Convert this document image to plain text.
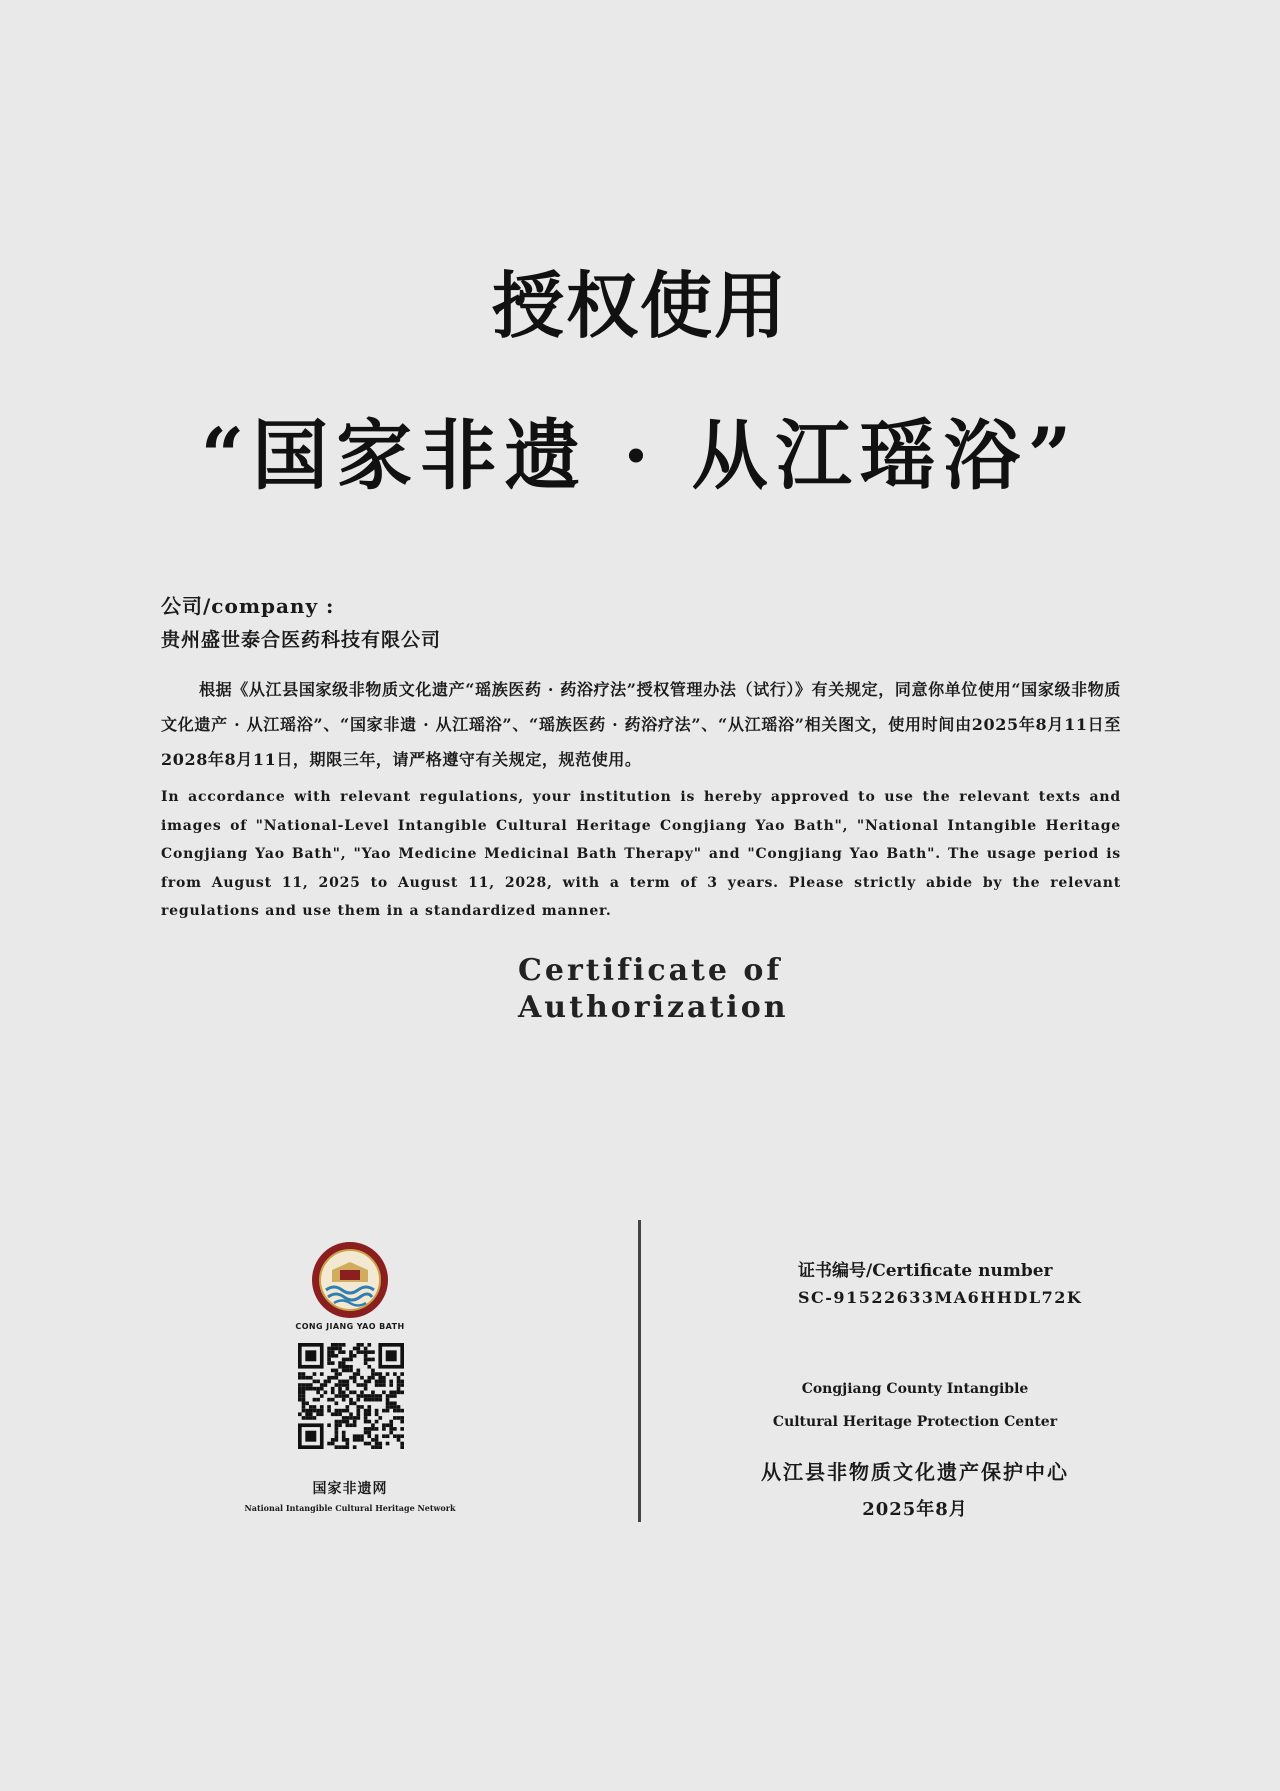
授权使用
“国家非遗 · 从江瑶浴”
公司/company :
贵州盛世泰合医药科技有限公司
根据《从江县国家级非物质文化遗产“瑶族医药 · 药浴疗法”授权管理办法（试行）》有关规定，同意你单位使用“国家级非物质文化遗产 · 从江瑶浴”、“国家非遗 · 从江瑶浴”、“瑶族医药 · 药浴疗法”、“从江瑶浴”相关图文，使用时间由2025年8月11日至2028年8月11日，期限三年，请严格遵守有关规定，规范使用。
In accordance with relevant regulations, your institution is hereby approved to use the relevant texts and images of "National-Level Intangible Cultural Heritage Congjiang Yao Bath", "National Intangible Heritage Congjiang Yao Bath", "Yao Medicine Medicinal Bath Therapy" and "Congjiang Yao Bath". The usage period is from August 11, 2025 to August 11, 2028, with a term of 3 years. Please strictly abide by the relevant regulations and use them in a standardized manner.
Certificate of
Authorization
CONG JIANG YAO BATH
国家非遗网
National Intangible Cultural Heritage Network
证书编号/Certificate number
SC-91522633MA6HHDL72K
Congjiang County Intangible
Cultural Heritage Protection Center
从江县非物质文化遗产保护中心
2025年8月
